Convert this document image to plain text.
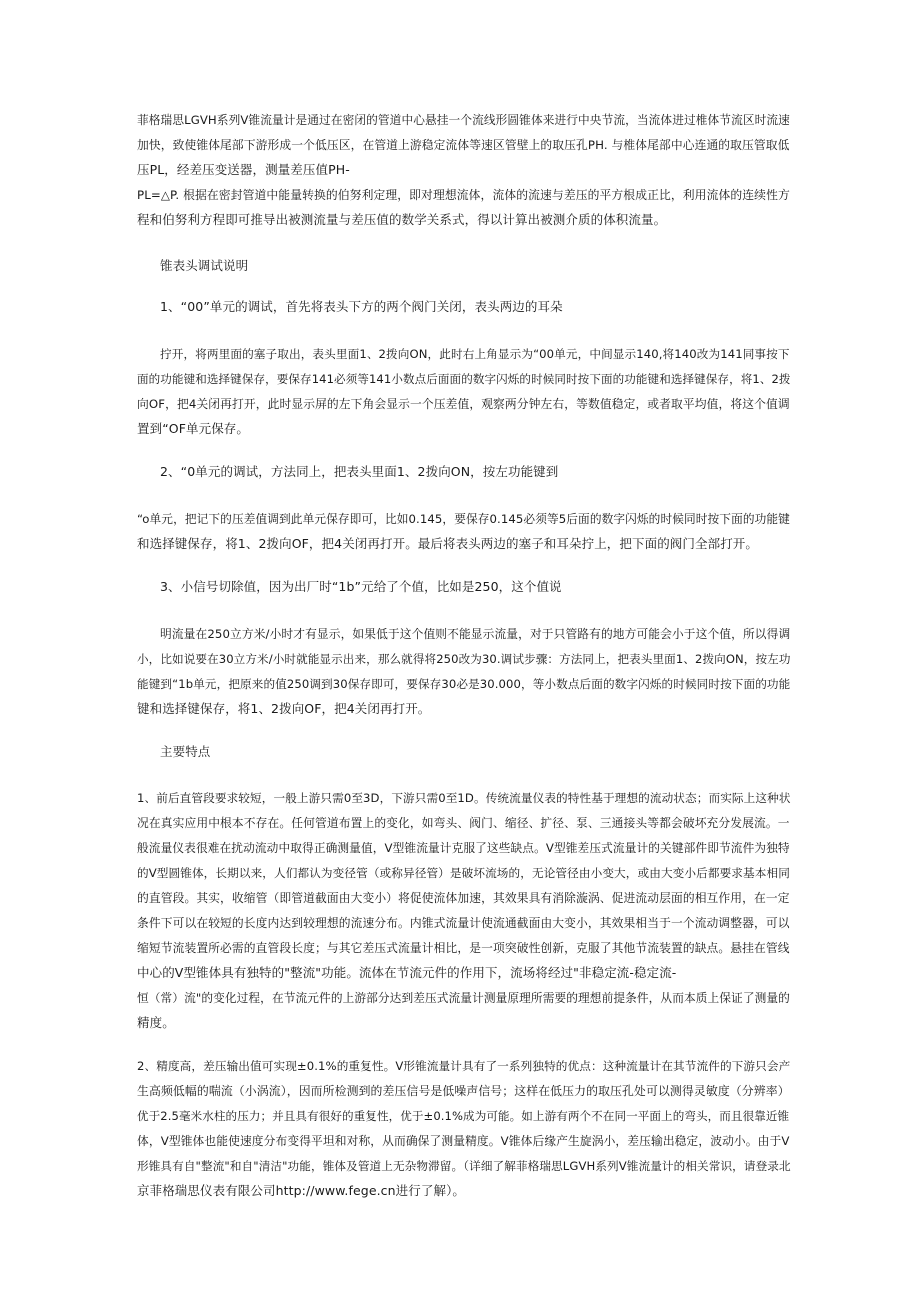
菲格瑞思LGVH系列V锥流量计是通过在密闭的管道中心悬挂一个流线形圆锥体来进行中央节流，当流体进过椎体节流区时流速
加快，致使锥体尾部下游形成一个低压区，在管道上游稳定流体等速区管壁上的取压孔PH. 与椎体尾部中心连通的取压管取低
压PL，经差压变送器，测量差压值PH-
PL=△P. 根据在密封管道中能量转换的伯努利定理，即对理想流体，流体的流速与差压的平方根成正比，利用流体的连续性方
程和伯努利方程即可推导出被测流量与差压值的数学关系式，得以计算出被测介质的体积流量。
锥表头调试说明
1、“00”单元的调试，首先将表头下方的两个阀门关闭，表头两边的耳朵
拧开，将两里面的塞子取出，表头里面1、2拨向ON，此时右上角显示为“00单元，中间显示140,将140改为141同事按下
面的功能键和选择键保存，要保存141必须等141小数点后面面的数字闪烁的时候同时按下面的功能键和选择键保存，将1、2拨
向OF，把4关闭再打开，此时显示屏的左下角会显示一个压差值，观察两分钟左右，等数值稳定，或者取平均值，将这个值调
置到“OF单元保存。
2、“0单元的调试，方法同上，把表头里面1、2拨向ON，按左功能键到
“o单元，把记下的压差值调到此单元保存即可，比如0.145，要保存0.145必须等5后面的数字闪烁的时候同时按下面的功能键
和选择键保存，将1、2拨向OF，把4关闭再打开。最后将表头两边的塞子和耳朵拧上，把下面的阀门全部打开。
3、小信号切除值，因为出厂时“1b”元给了个值，比如是250，这个值说
明流量在250立方米/小时才有显示，如果低于这个值则不能显示流量，对于只管路有的地方可能会小于这个值，所以得调
小，比如说要在30立方米/小时就能显示出来，那么就得将250改为30.调试步骤：方法同上，把表头里面1、2拨向ON，按左功
能键到“1b单元，把原来的值250调到30保存即可，要保存30必是30.000，等小数点后面的数字闪烁的时候同时按下面的功能
键和选择键保存，将1、2拨向OF，把4关闭再打开。
主要特点
1、前后直管段要求较短，一般上游只需0至3D，下游只需0至1D。传统流量仪表的特性基于理想的流动状态；而实际上这种状
况在真实应用中根本不存在。任何管道布置上的变化，如弯头、阀门、缩径、扩径、泵、三通接头等都会破坏充分发展流。一
般流量仪表很难在扰动流动中取得正确测量值，V型锥流量计克服了这些缺点。V型锥差压式流量计的关键部件即节流件为独特
的V型圆锥体，长期以来，人们都认为变径管（或称异径管）是破坏流场的，无论管径由小变大，或由大变小后都要求基本相同
的直管段。其实，收缩管（即管道截面由大变小）将促使流体加速，其效果具有消除漩涡、促进流动层面的相互作用，在一定
条件下可以在较短的长度内达到较理想的流速分布。内锥式流量计使流通截面由大变小，其效果相当于一个流动调整器，可以
缩短节流装置所必需的直管段长度；与其它差压式流量计相比，是一项突破性创新，克服了其他节流装置的缺点。悬挂在管线
中心的V型锥体具有独特的"整流"功能。流体在节流元件的作用下，流场将经过"非稳定流-稳定流-
恒（常）流"的变化过程，在节流元件的上游部分达到差压式流量计测量原理所需要的理想前提条件，从而本质上保证了测量的
精度。
2、精度高，差压输出值可实现±0.1%的重复性。V形锥流量计具有了一系列独特的优点：这种流量计在其节流件的下游只会产
生高频低幅的喘流（小涡流），因而所检测到的差压信号是低噪声信号；这样在低压力的取压孔处可以测得灵敏度（分辨率）
优于2.5毫米水柱的压力；并且具有很好的重复性，优于±0.1%成为可能。如上游有两个不在同一平面上的弯头，而且很靠近锥
体，V型锥体也能使速度分布变得平坦和对称，从而确保了测量精度。V锥体后缘产生旋涡小，差压输出稳定，波动小。由于V
形锥具有自"整流"和自"清洁"功能，锥体及管道上无杂物滞留。（详细了解菲格瑞思LGVH系列V锥流量计的相关常识，请登录北
京菲格瑞思仪表有限公司http://www.fege.cn进行了解）。
